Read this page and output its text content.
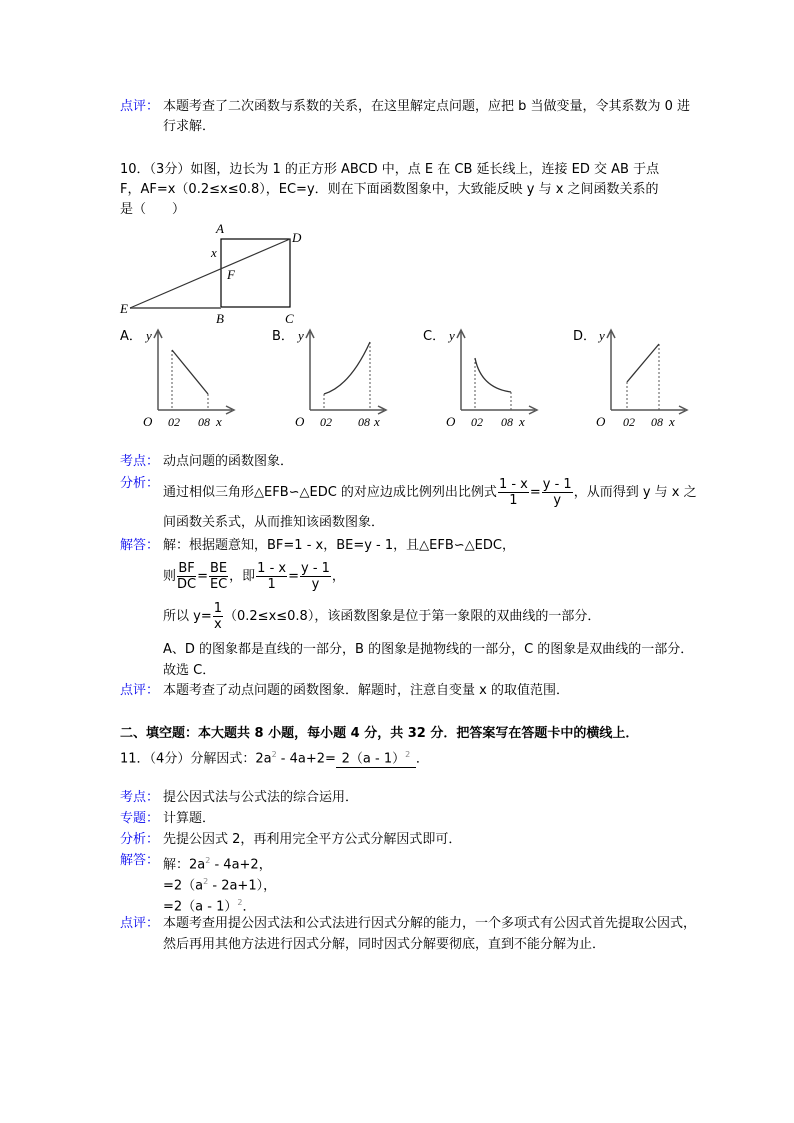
点评： 本题考查了二次函数与系数的关系，在这里解定点问题，应把 b 当做变量，令其系数为 0 进
行求解．
10．（3分）如图，边长为 1 的正方形 ABCD 中，点 E 在 CB 延长线上，连接 ED 交 AB 于点
F，AF=x（0.2≤x≤0.8），EC=y．则在下面函数图象中，大致能反映 y 与 x 之间函数关系的
是（　　）
A
D
E
B	C
x
F
A． y
O 02 08 x
B． y
O 02 08 x
C． y
O 02 08 x
D． y
O 02 08 x
考点： 动点问题的函数图象．
分析：
通过相似三角形△EFB∽△EDC 的对应边成比例列出比例式 $\frac{1 - x}{1} = \frac{y - 1}{y}$ ，从而得到 y 与 x 之
间函数关系式，从而推知该函数图象．
解答： 解：根据题意知，BF=1 - x，BE=y - 1，且△EFB∽△EDC，
则 $\frac{BF}{DC} = \frac{BE}{EC}$ ，即 $\frac{1 - x}{1} = \frac{y - 1}{y}$ ，
所以 $y= \frac{1}{x} (0.2\le x\le 0.8)$，该函数图象是位于第一象限的双曲线的一部分．
A、D 的图象都是直线的一部分，B 的图象是抛物线的一部分，C 的图象是双曲线的一部分．
故选 C．
点评： 本题考查了动点问题的函数图象．解题时，注意自变量 x 的取值范围．
二、填空题：本大题共 8 小题，每小题 4 分，共 32 分．把答案写在答题卡中的横线上．
11．（4分）分解因式：$2a^2 - 4a+2= 2(a - 1)^2$ ．
考点： 提公因式法与公式法的综合运用．
专题： 计算题．
分析： 先提公因式 2，再利用完全平方公式分解因式即可．
解答： 解：$2a^2 - 4a+2$，
$=2(a^2 - 2a+1)$，
=2（a - 1）$^2$．
点评： 本题考查用提公因式法和公式法进行因式分解的能力，一个多项式有公因式首先提取公因式，
然后再用其他方法进行因式分解，同时因式分解要彻底，直到不能分解为止．
